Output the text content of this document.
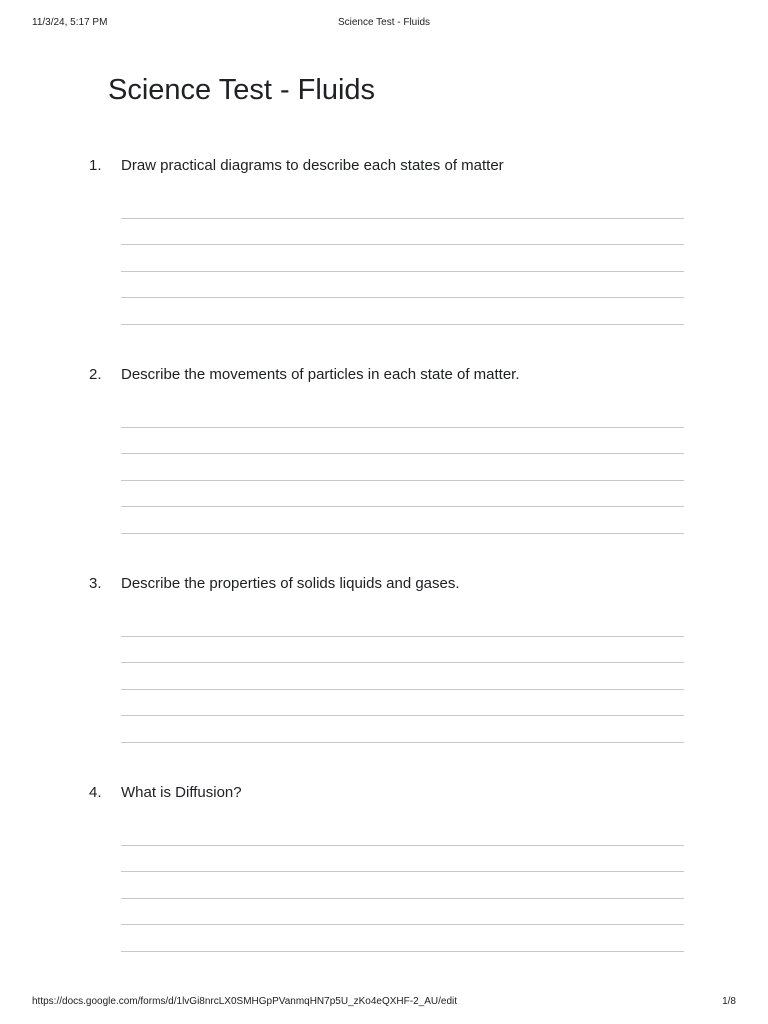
11/3/24, 5:17 PM	Science Test - Fluids
Science Test - Fluids
1. Draw practical diagrams to describe each states of matter
2. Describe the movements of particles in each state of matter.
3. Describe the properties of solids liquids and gases.
4. What is Diffusion?
https://docs.google.com/forms/d/1lvGi8nrcLX0SMHGpPVanmqHN7p5U_zKo4eQXHF-2_AU/edit	1/8
